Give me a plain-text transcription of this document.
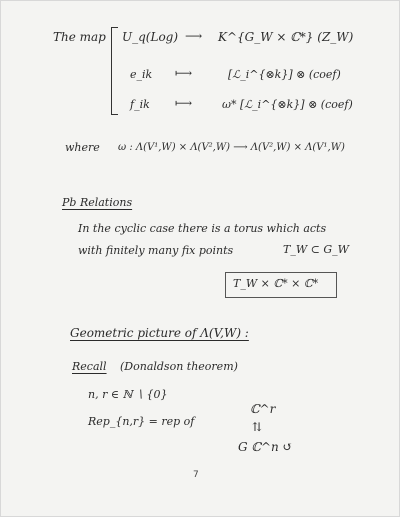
The map U_q(Log) ⟶ K^{G_W × ℂ*} (Z_W)
e_ik ⟼	[ℒ_i^{⊗k}] ⊗ (coef)
f_ik ⟼	ω* [ℒ_i^{⊗k}] ⊗ (coef)
where ω : Λ(V¹,W) × Λ(V²,W) ⟶ Λ(V²,W) × Λ(V¹,W)
Pb Relations
In the cyclic case there is a torus which acts
with finitely many fix points	T_W ⊂ G_W
T_W × ℂ* × ℂ*
Geometric picture of Λ(V,W) :
Recall (Donaldson theorem)
n, r ∈ ℕ ∖ {0}
Rep_{n,r} = rep of
ℂ^r
⇅
G ℂ^n ↺
7
